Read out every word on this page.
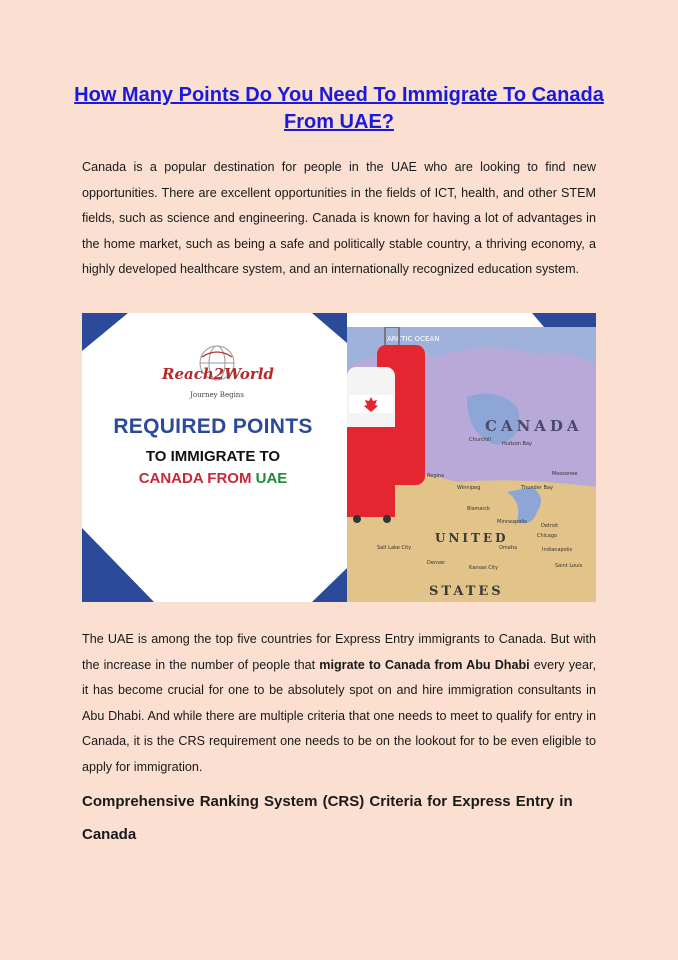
How Many Points Do You Need To Immigrate To Canada From UAE?

Canada is a popular destination for people in the UAE who are looking to find new opportunities. There are excellent opportunities in the fields of ICT, health, and other STEM fields, such as science and engineering. Canada is known for having a lot of advantages in the home market, such as being a safe and politically stable country, a thriving economy, a highly developed healthcare system, and an internationally recognized education system.

Reach2World
Journey Begins
REQUIRED POINTS
TO IMMIGRATE TO
CANADA FROM UAE
ARCTIC OCEAN
CANADA
Hudson Bay
Churchill
Winnipeg
Regina
Thunder Bay
Moosonee
Bismarck
Minneapolis
UNITED
Detroit
Chicago
Omaha	Indianapolis
Salt Lake City
Denver
Kansas City	Saint Louis
STATES

The UAE is among the top five countries for Express Entry immigrants to Canada. But with the increase in the number of people that migrate to Canada from Abu Dhabi every year, it has become crucial for one to be absolutely spot on and hire immigration consultants in Abu Dhabi. And while there are multiple criteria that one needs to meet to qualify for entry in Canada, it is the CRS requirement one needs to be on the lookout for to be even eligible to apply for immigration.

Comprehensive Ranking System (CRS) Criteria for Express Entry in Canada
